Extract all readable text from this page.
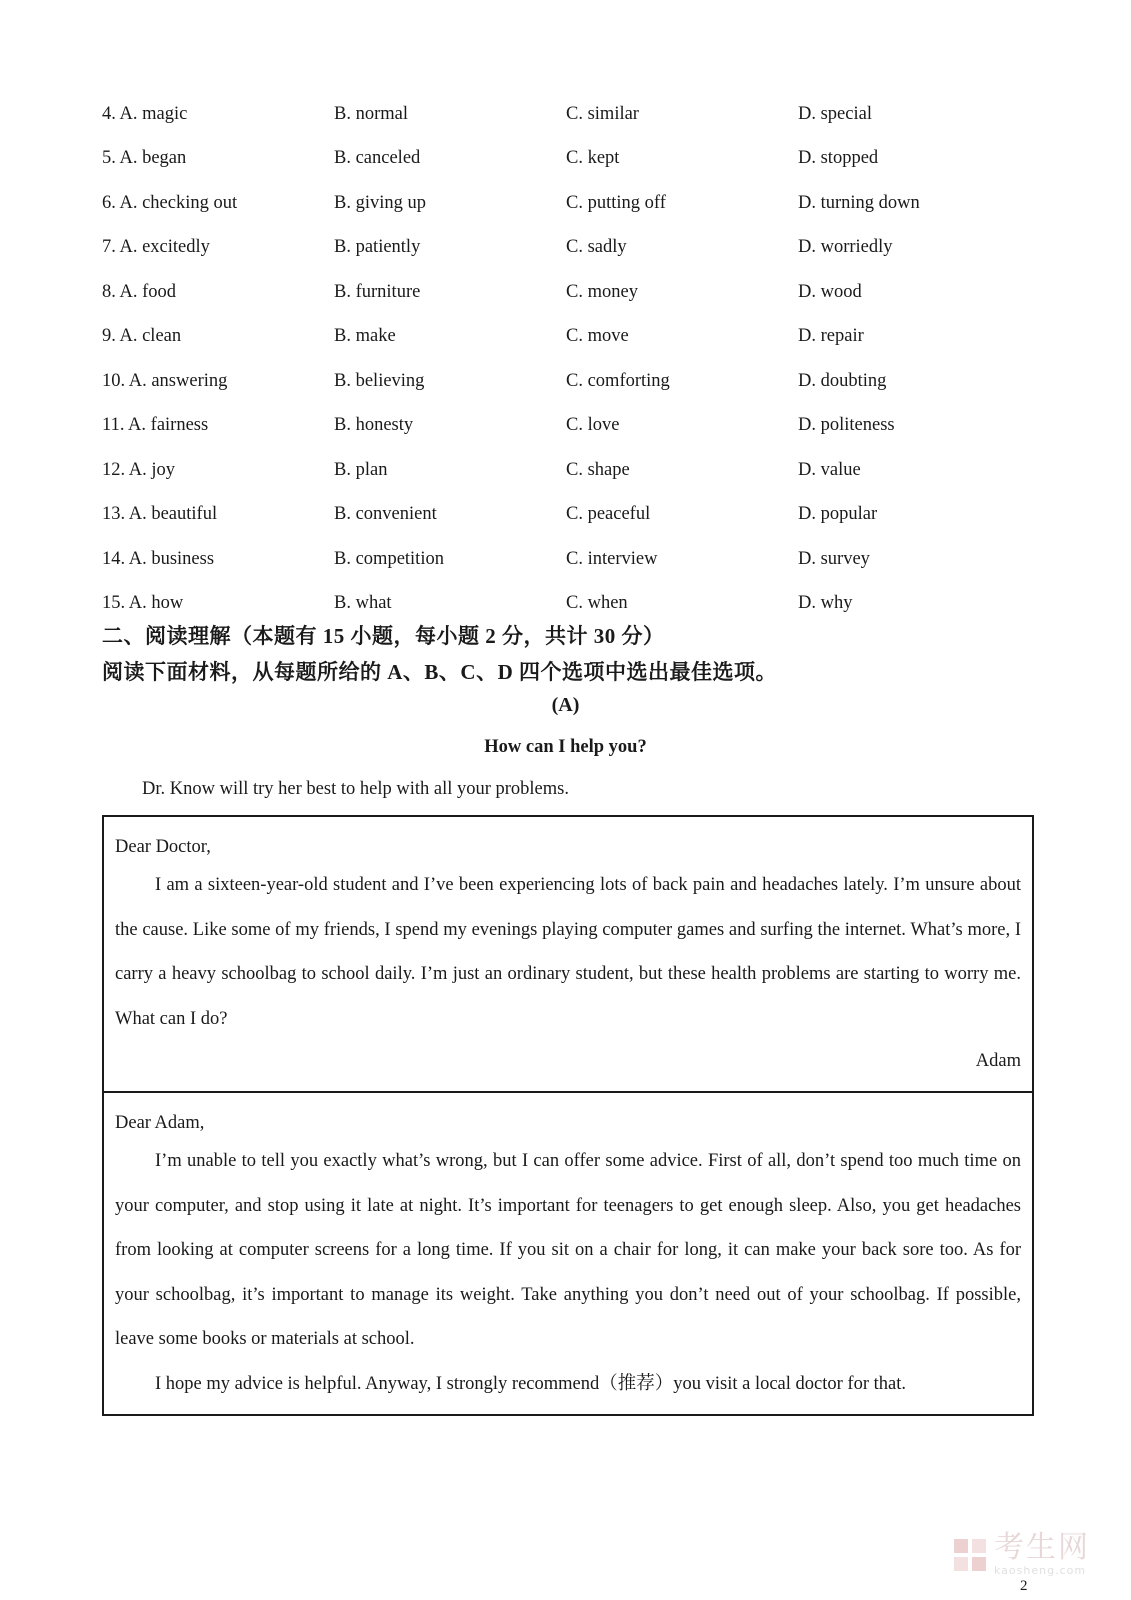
4. A. magic	B. normal	C. similar	D. special
5. A. began	B. canceled	C. kept	D. stopped
6. A. checking out	B. giving up	C. putting off	D. turning down
7. A. excitedly	B. patiently	C. sadly	D. worriedly
8. A. food	B. furniture	C. money	D. wood
9. A. clean	B. make	C. move	D. repair
10. A. answering	B. believing	C. comforting	D. doubting
11. A. fairness	B. honesty	C. love	D. politeness
12. A. joy	B. plan	C. shape	D. value
13. A. beautiful	B. convenient	C. peaceful	D. popular
14. A. business	B. competition	C. interview	D. survey
15. A. how	B. what	C. when	D. why
二、阅读理解（本题有 15 小题，每小题 2 分，共计 30 分）
阅读下面材料，从每题所给的 A、B、C、D 四个选项中选出最佳选项。
(A)
How can I help you?
Dr. Know will try her best to help with all your problems.
Dear Doctor,

I am a sixteen-year-old student and I’ve been experiencing lots of back pain and headaches lately. I’m unsure about the cause. Like some of my friends, I spend my evenings playing computer games and surfing the internet. What’s more, I carry a heavy schoolbag to school daily. I’m just an ordinary student, but these health problems are starting to worry me. What can I do?

Adam
Dear Adam,

I’m unable to tell you exactly what’s wrong, but I can offer some advice. First of all, don’t spend too much time on your computer, and stop using it late at night. It’s important for teenagers to get enough sleep. Also, you get headaches from looking at computer screens for a long time. If you sit on a chair for long, it can make your back sore too. As for your schoolbag, it’s important to manage its weight. Take anything you don’t need out of your schoolbag. If possible, leave some books or materials at school.

I hope my advice is helpful. Anyway, I strongly recommend（推荐）you visit a local doctor for that.

考生网
kaosheng.com
2
